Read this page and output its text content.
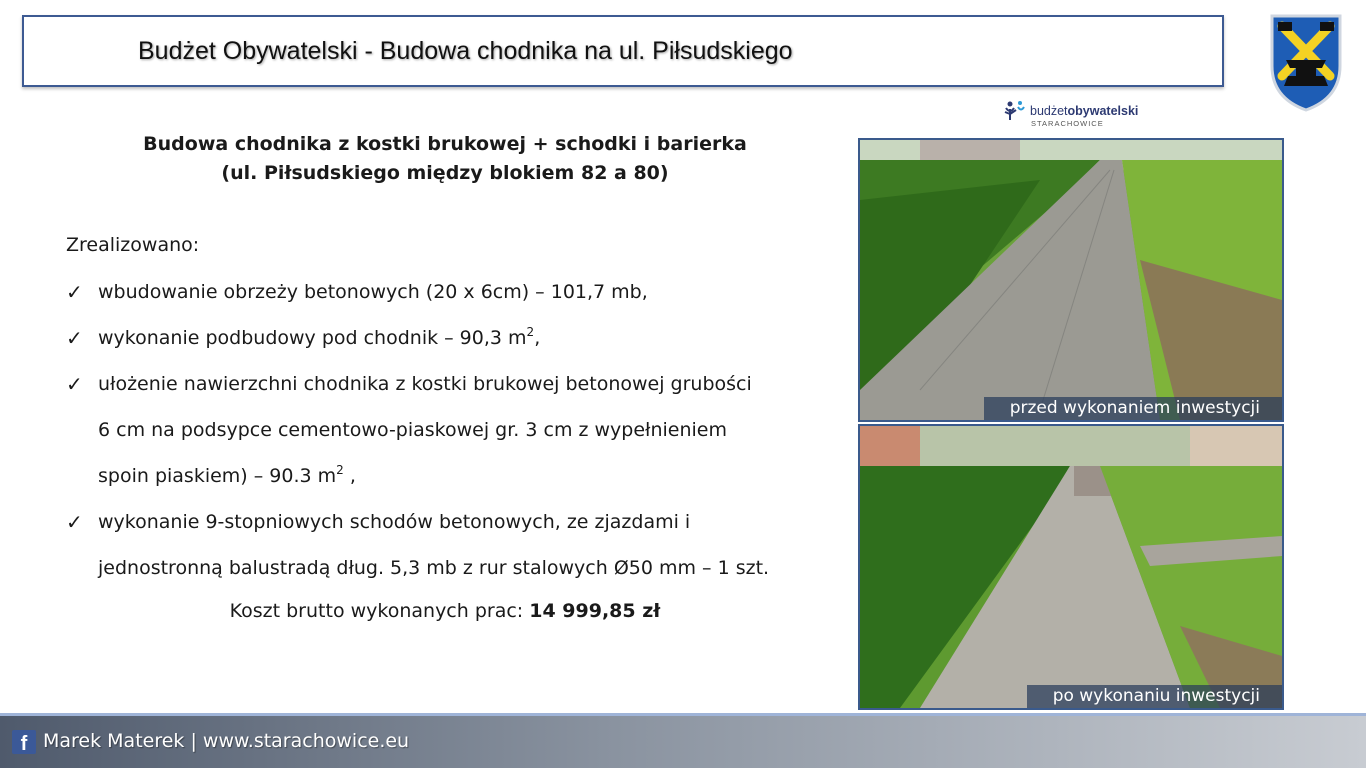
Budżet Obywatelski - Budowa chodnika na ul. Piłsudskiego
budżetobywatelski
STARACHOWICE
Budowa chodnika z kostki brukowej + schodki i barierka
(ul. Piłsudskiego między blokiem 82 a 80)
Zrealizowano:
✓ wbudowanie obrzeży betonowych (20 x 6cm) – 101,7 mb,
✓ wykonanie podbudowy pod chodnik – 90,3 $m^2$,
✓ ułożenie nawierzchni chodnika z kostki brukowej betonowej grubości
6 cm na podsypce cementowo-piaskowej gr. 3 cm z wypełnieniem
spoin piaskiem) – 90.3 $m^2$ ,
✓ wykonanie 9-stopniowych schodów betonowych, ze zjazdami i
jednostronną balustradą dług. 5,3 mb z rur stalowych Ø50 mm – 1 szt.
Koszt brutto wykonanych prac: 14 999,85 zł
przed wykonaniem inwestycji
po wykonaniu inwestycji
f Marek Materek | www.starachowice.eu
